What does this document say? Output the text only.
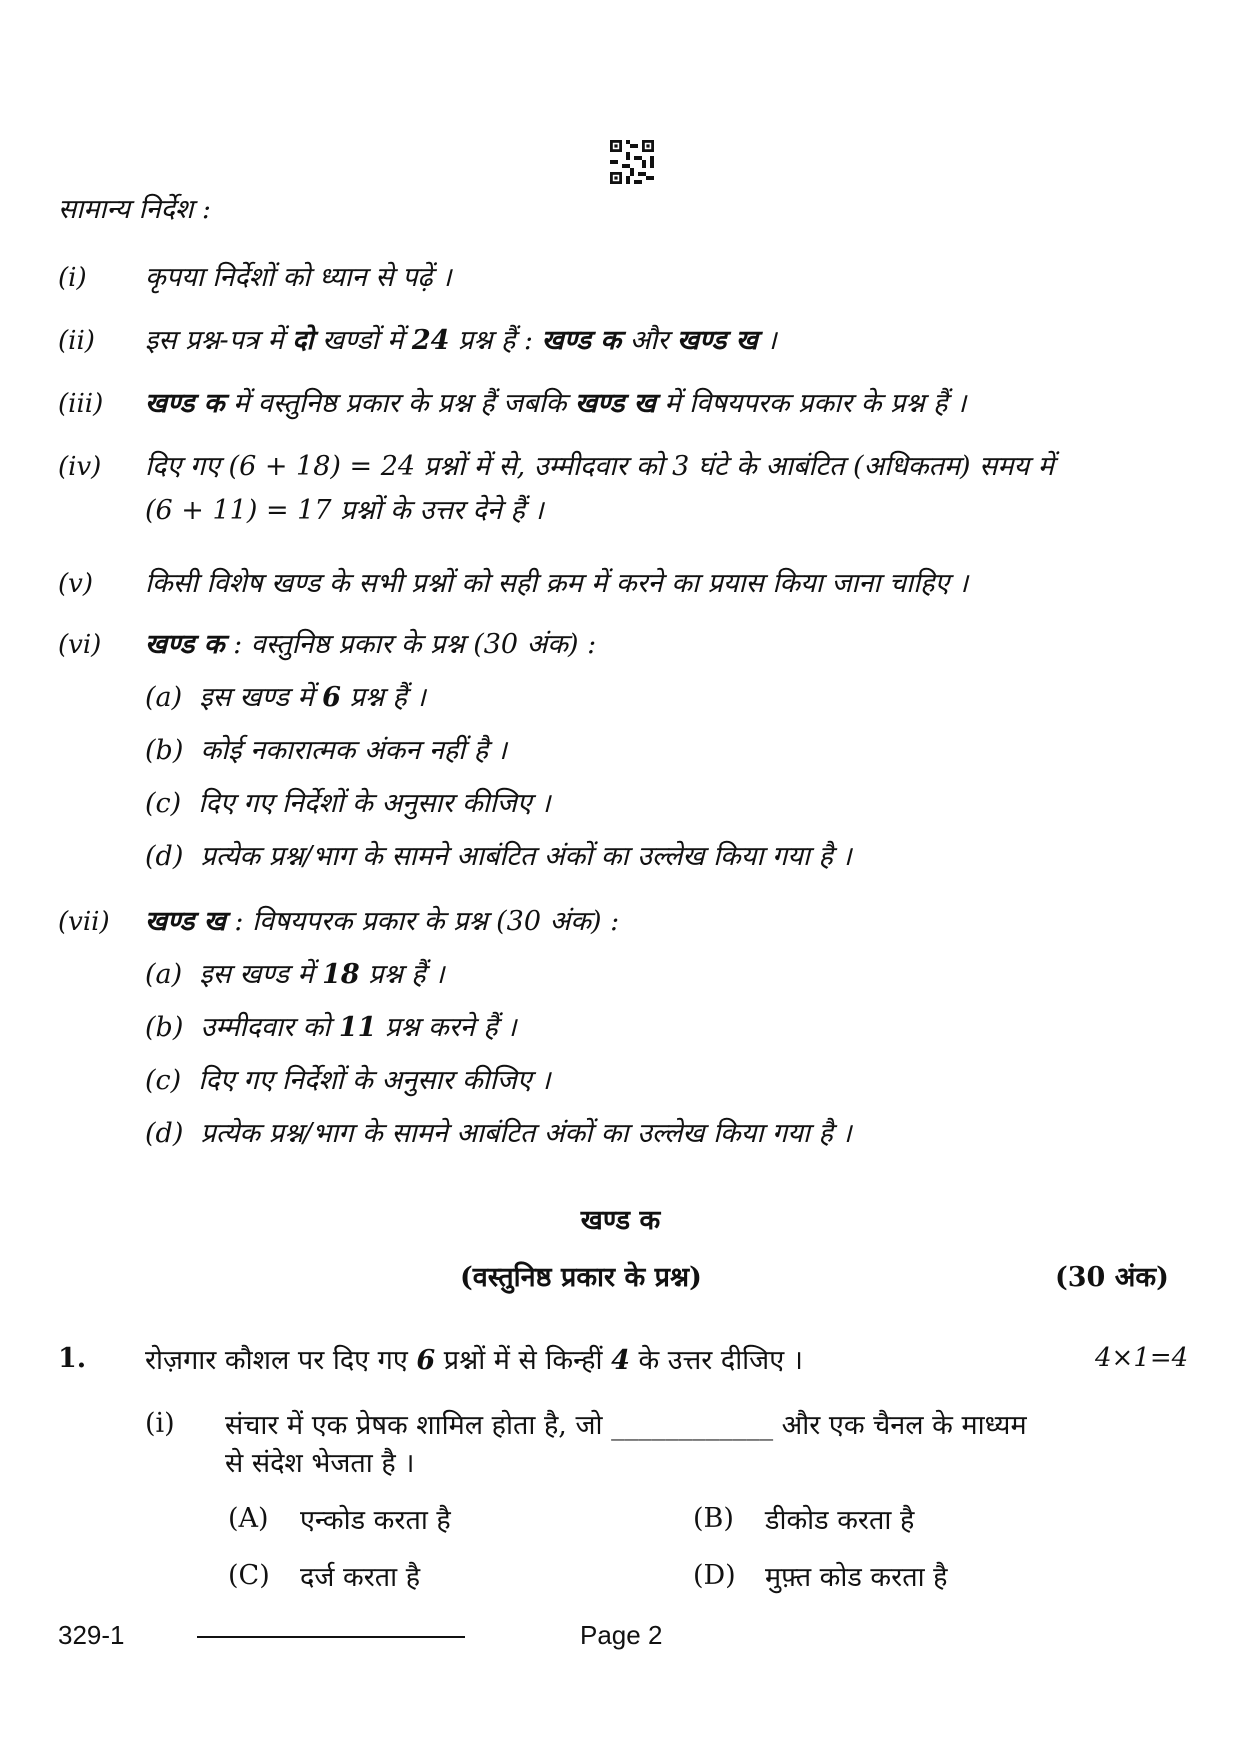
सामान्य निर्देश :
(i) कृपया निर्देशों को ध्यान से पढ़ें ।
(ii) इस प्रश्न-पत्र में दो खण्डों में 24 प्रश्न हैं : खण्ड क और खण्ड ख ।
(iii) खण्ड क में वस्तुनिष्ठ प्रकार के प्रश्न हैं जबकि खण्ड ख में विषयपरक प्रकार के प्रश्न हैं ।
(iv) दिए गए (6 + 18) = 24 प्रश्नों में से, उम्मीदवार को 3 घंटे के आबंटित (अधिकतम) समय में
(6 + 11) = 17 प्रश्नों के उत्तर देने हैं ।
(v) किसी विशेष खण्ड के सभी प्रश्नों को सही क्रम में करने का प्रयास किया जाना चाहिए ।
(vi) खण्ड क : वस्तुनिष्ठ प्रकार के प्रश्न (30 अंक) :
(a) इस खण्ड में 6 प्रश्न हैं ।
(b) कोई नकारात्मक अंकन नहीं है ।
(c) दिए गए निर्देशों के अनुसार कीजिए ।
(d) प्रत्येक प्रश्न/भाग के सामने आबंटित अंकों का उल्लेख किया गया है ।
(vii) खण्ड ख : विषयपरक प्रकार के प्रश्न (30 अंक) :
(a) इस खण्ड में 18 प्रश्न हैं ।
(b) उम्मीदवार को 11 प्रश्न करने हैं ।
(c) दिए गए निर्देशों के अनुसार कीजिए ।
(d) प्रत्येक प्रश्न/भाग के सामने आबंटित अंकों का उल्लेख किया गया है ।
खण्ड क
(वस्तुनिष्ठ प्रकार के प्रश्न)	(30 अंक)
1. रोज़गार कौशल पर दिए गए 6 प्रश्नों में से किन्हीं 4 के उत्तर दीजिए ।	4×1=4
(i) संचार में एक प्रेषक शामिल होता है, जो ____________ और एक चैनल के माध्यम
से संदेश भेजता है ।
(A) एन्कोड करता है	(B) डीकोड करता है
(C) दर्ज करता है	(D) मुफ़्त कोड करता है
329-1	Page 2
